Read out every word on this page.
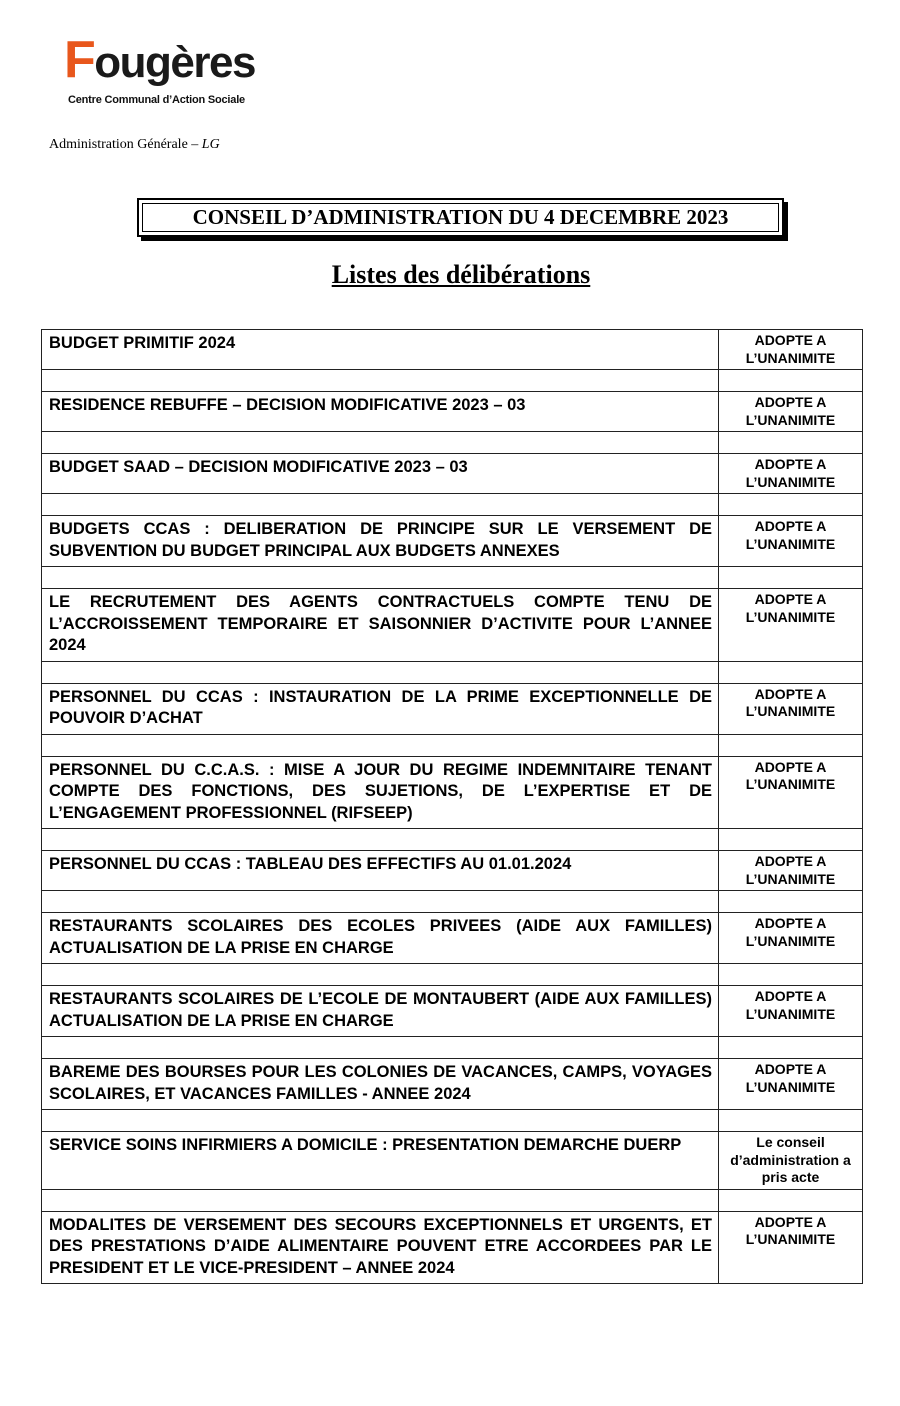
Fougères
Centre Communal d’Action Sociale
Administration Générale – LG
CONSEIL D’ADMINISTRATION DU 4 DECEMBRE 2023
Listes des délibérations
BUDGET PRIMITIF 2024	ADOPTE A L’UNANIMITE

RESIDENCE REBUFFE – DECISION MODIFICATIVE 2023 – 03	ADOPTE A L’UNANIMITE

BUDGET SAAD – DECISION MODIFICATIVE 2023 – 03	ADOPTE A L’UNANIMITE

BUDGETS CCAS : DELIBERATION DE PRINCIPE SUR LE VERSEMENT DE SUBVENTION DU BUDGET PRINCIPAL AUX BUDGETS ANNEXES	ADOPTE A L’UNANIMITE

LE RECRUTEMENT DES AGENTS CONTRACTUELS COMPTE TENU DE L’ACCROISSEMENT TEMPORAIRE ET SAISONNIER D’ACTIVITE POUR L’ANNEE 2024	ADOPTE A L’UNANIMITE

PERSONNEL DU CCAS : INSTAURATION DE LA PRIME EXCEPTIONNELLE DE POUVOIR D’ACHAT	ADOPTE A L’UNANIMITE

PERSONNEL DU C.C.A.S. : MISE A JOUR DU REGIME INDEMNITAIRE TENANT COMPTE DES FONCTIONS, DES SUJETIONS, DE L’EXPERTISE ET DE L’ENGAGEMENT PROFESSIONNEL (RIFSEEP)	ADOPTE A L’UNANIMITE

PERSONNEL DU CCAS : TABLEAU DES EFFECTIFS AU 01.01.2024	ADOPTE A L’UNANIMITE

RESTAURANTS SCOLAIRES DES ECOLES PRIVEES (AIDE AUX FAMILLES) ACTUALISATION DE LA PRISE EN CHARGE	ADOPTE A L’UNANIMITE

RESTAURANTS SCOLAIRES DE L’ECOLE DE MONTAUBERT (AIDE AUX FAMILLES) ACTUALISATION DE LA PRISE EN CHARGE	ADOPTE A L’UNANIMITE

BAREME DES BOURSES POUR LES COLONIES DE VACANCES, CAMPS, VOYAGES SCOLAIRES, ET VACANCES FAMILLES - ANNEE 2024	ADOPTE A L’UNANIMITE

SERVICE SOINS INFIRMIERS A DOMICILE : PRESENTATION DEMARCHE DUERP	Le conseil d’administration a pris acte

MODALITES DE VERSEMENT DES SECOURS EXCEPTIONNELS ET URGENTS, ET DES PRESTATIONS D’AIDE ALIMENTAIRE POUVENT ETRE ACCORDEES PAR LE PRESIDENT ET LE VICE-PRESIDENT – ANNEE 2024	ADOPTE A L’UNANIMITE
